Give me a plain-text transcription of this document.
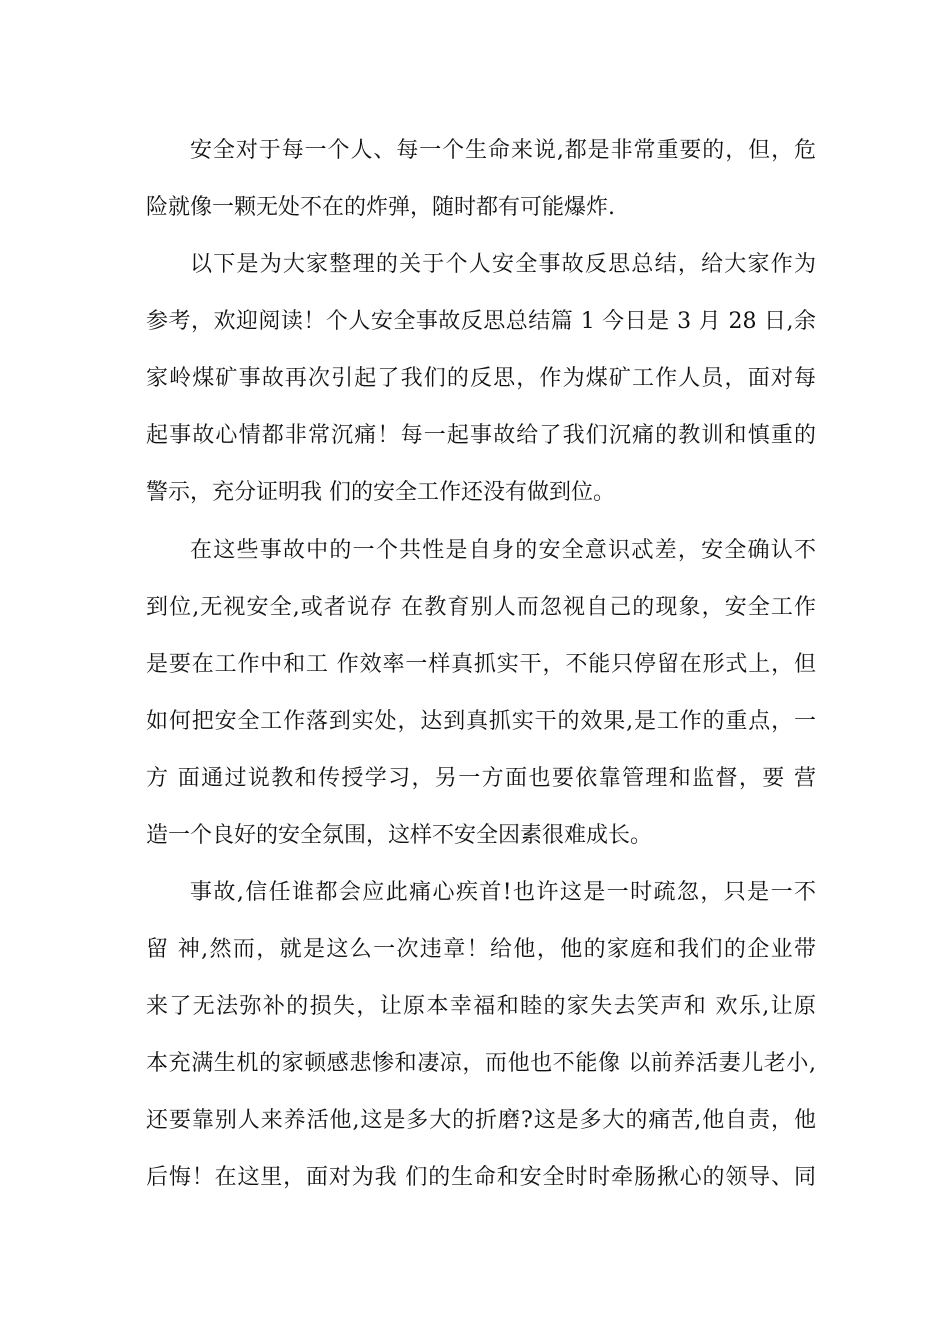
安全对于每一个人、每一个生命来说,都是非常重要的，但，危
险就像一颗无处不在的炸弹，随时都有可能爆炸.
以下是为大家整理的关于个人安全事故反思总结，给大家作为
参考，欢迎阅读！个人安全事故反思总结篇 1 今日是 3 月 28 日,余
家岭煤矿事故再次引起了我们的反思，作为煤矿工作人员，面对每
起事故心情都非常沉痛！每一起事故给了我们沉痛的教训和慎重的
警示，充分证明我 们的安全工作还没有做到位。
在这些事故中的一个共性是自身的安全意识忒差，安全确认不
到位,无视安全,或者说存 在教育别人而忽视自己的现象，安全工作
是要在工作中和工 作效率一样真抓实干，不能只停留在形式上，但
如何把安全工作落到实处，达到真抓实干的效果,是工作的重点，一
方 面通过说教和传授学习，另一方面也要依靠管理和监督，要 营
造一个良好的安全氛围，这样不安全因素很难成长。
事故,信任谁都会应此痛心疾首!也许这是一时疏忽，只是一不
留 神,然而，就是这么一次违章！给他，他的家庭和我们的企业带
来了无法弥补的损失，让原本幸福和睦的家失去笑声和 欢乐,让原
本充满生机的家顿感悲惨和凄凉，而他也不能像 以前养活妻儿老小,
还要靠别人来养活他,这是多大的折磨?这是多大的痛苦,他自责，他
后悔！在这里，面对为我 们的生命和安全时时牵肠揪心的领导、同
